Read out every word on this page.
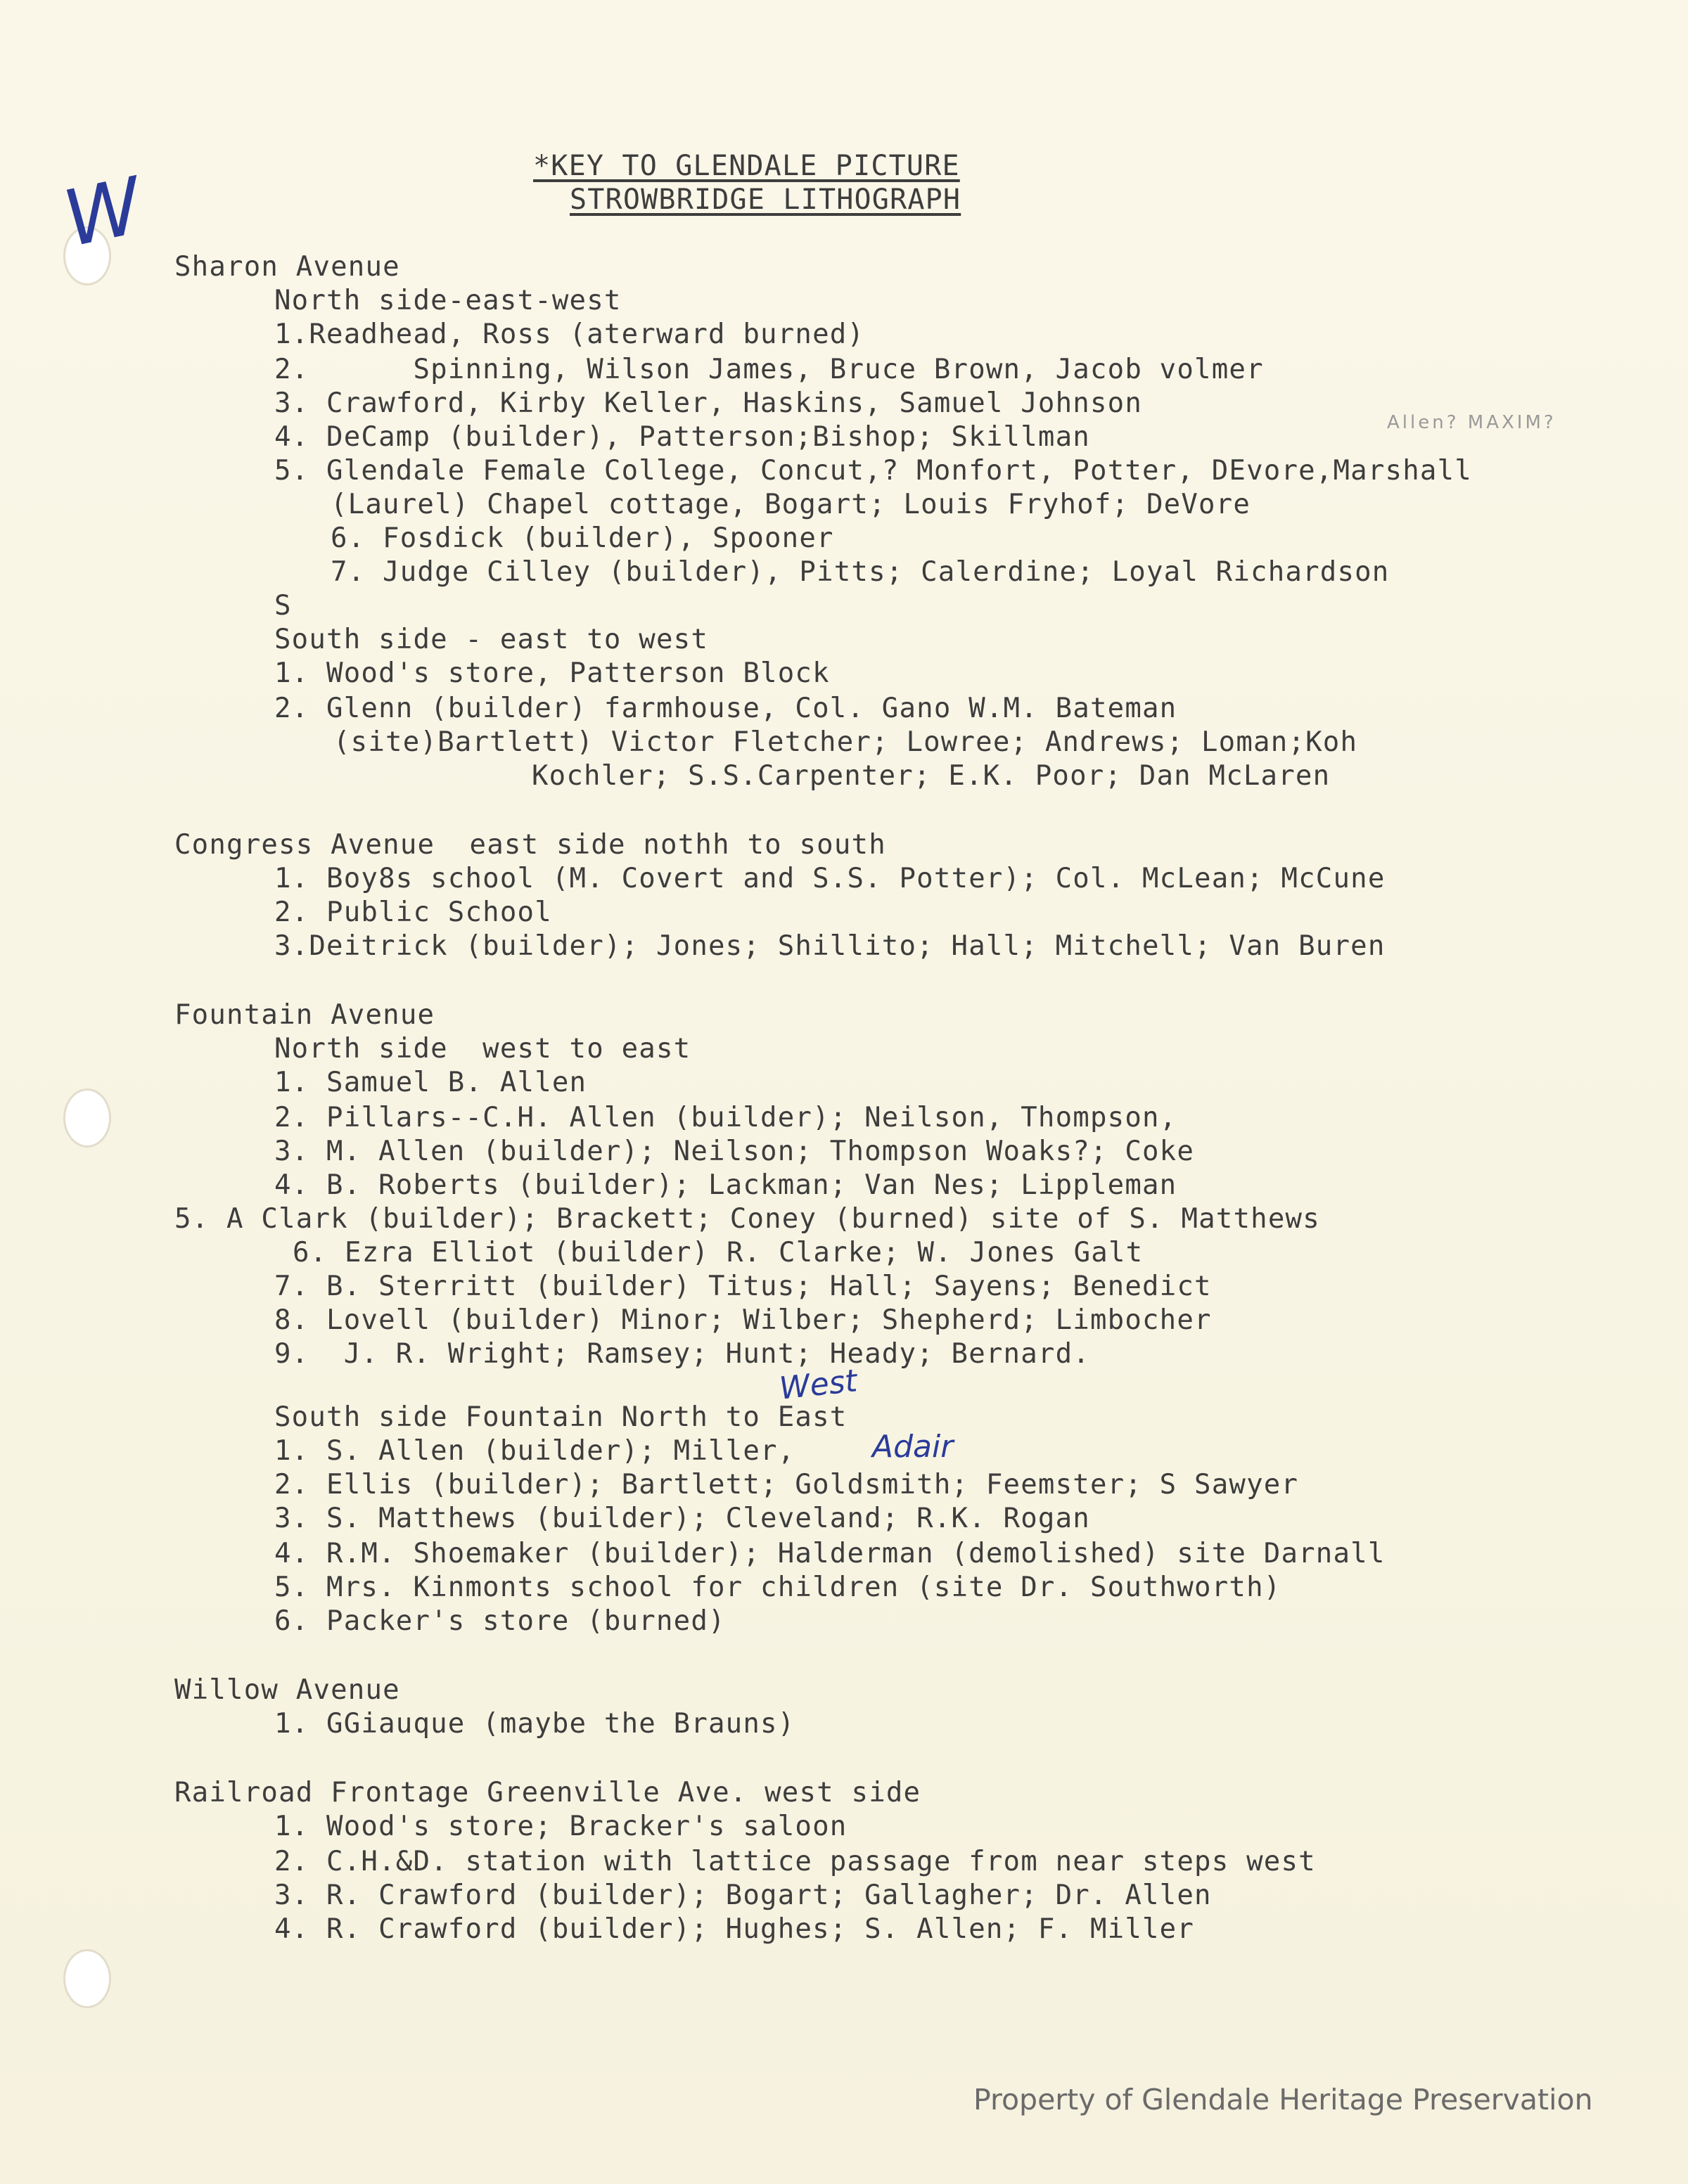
W	*KEY TO GLENDALE PICTURE
STROWBRIDGE LITHOGRAPH
Sharon Avenue
North side-east-west
1.Readhead, Ross (aterward burned)
2.      Spinning, Wilson James, Bruce Brown, Jacob volmer
3. Crawford, Kirby Keller, Haskins, Samuel Johnson
4. DeCamp (builder), Patterson;Bishop; Skillman	Allen? MAXIM?
5. Glendale Female College, Concut,? Monfort, Potter, DEvore,Marshall
(Laurel) Chapel cottage, Bogart; Louis Fryhof; DeVore
6. Fosdick (builder), Spooner
7. Judge Cilley (builder), Pitts; Calerdine; Loyal Richardson
S
South side - east to west
1. Wood's store, Patterson Block
2. Glenn (builder) farmhouse, Col. Gano W.M. Bateman
(site)Bartlett) Victor Fletcher; Lowree; Andrews; Loman;Koh
Kochler; S.S.Carpenter; E.K. Poor; Dan McLaren
Congress Avenue  east side nothh to south
1. Boy8s school (M. Covert and S.S. Potter); Col. McLean; McCune
2. Public School
3.Deitrick (builder); Jones; Shillito; Hall; Mitchell; Van Buren
Fountain Avenue
North side  west to east
1. Samuel B. Allen
2. Pillars--C.H. Allen (builder); Neilson, Thompson,
3. M. Allen (builder); Neilson; Thompson Woaks?; Coke
4. B. Roberts (builder); Lackman; Van Nes; Lippleman
5. A Clark (builder); Brackett; Coney (burned) site of S. Matthews
6. Ezra Elliot (builder) R. Clarke; W. Jones Galt
7. B. Sterritt (builder) Titus; Hall; Sayens; Benedict
8. Lovell (builder) Minor; Wilber; Shepherd; Limbocher
9.  J. R. Wright; Ramsey; Hunt; Heady; Bernard.
West
South side Fountain North to East
1. S. Allen (builder); Miller, Adair
2. Ellis (builder); Bartlett; Goldsmith; Feemster; S Sawyer
3. S. Matthews (builder); Cleveland; R.K. Rogan
4. R.M. Shoemaker (builder); Halderman (demolished) site Darnall
5. Mrs. Kinmonts school for children (site Dr. Southworth)
6. Packer's store (burned)
Willow Avenue
1. GGiauque (maybe the Brauns)
Railroad Frontage Greenville Ave. west side
1. Wood's store; Bracker's saloon
2. C.H.&D. station with lattice passage from near steps west
3. R. Crawford (builder); Bogart; Gallagher; Dr. Allen
4. R. Crawford (builder); Hughes; S. Allen; F. Miller
Property of Glendale Heritage Preservation
